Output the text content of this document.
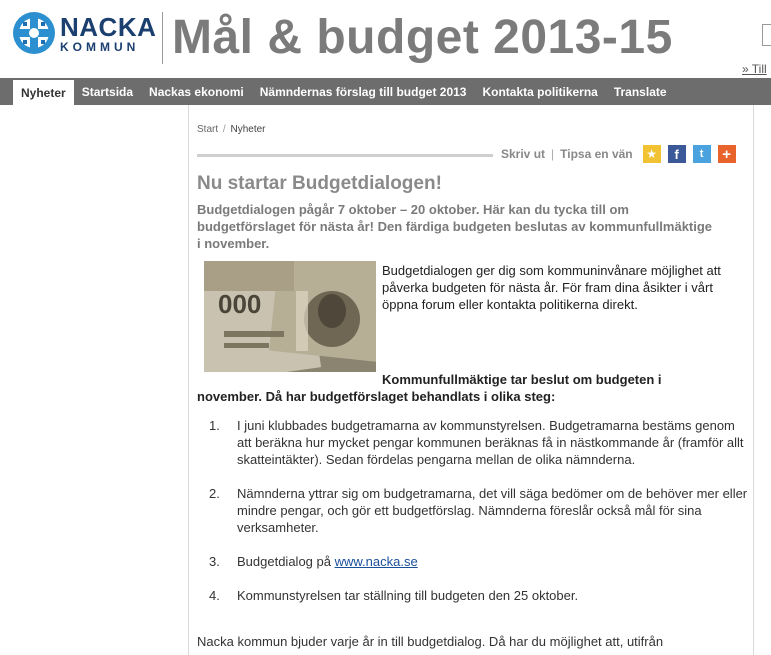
NACKA
KOMMUN Mål & budget 2013-15
» Till
Nyheter	Startsida	Nackas ekonomi	Nämndernas förslag till budget 2013	Kontakta politikerna	Translate
Start / Nyheter
Skriv ut | Tipsa en vän	★	f	t	+
Nu startar Budgetdialogen!

Budgetdialogen pågår 7 oktober – 20 oktober. Här kan du tycka till om budgetförslaget för nästa år! Den färdiga budgeten beslutas av kommunfullmäktige i november.

000

Budgetdialogen ger dig som kommuninvånare möjlighet att påverka budgeten för nästa år. För fram dina åsikter i vårt öppna forum eller kontakta politikerna direkt.

Kommunfullmäktige tar beslut om budgeten i
november. Då har budgetförslaget behandlats i olika steg:

1.	I juni klubbades budgetramarna av kommunstyrelsen. Budgetramarna bestäms genom att beräkna hur mycket pengar kommunen beräknas få in nästkommande år (framför allt skatteintäkter). Sedan fördelas pengarna mellan de olika nämnderna.
2.	Nämnderna yttrar sig om budgetramarna, det vill säga bedömer om de behöver mer eller mindre pengar, och gör ett budgetförslag. Nämnderna föreslår också mål för sina verksamheter.
3.	Budgetdialog på www.nacka.se
4.	Kommunstyrelsen tar ställning till budgeten den 25 oktober.

Nacka kommun bjuder varje år in till budgetdialog. Då har du möjlighet att, utifrån
